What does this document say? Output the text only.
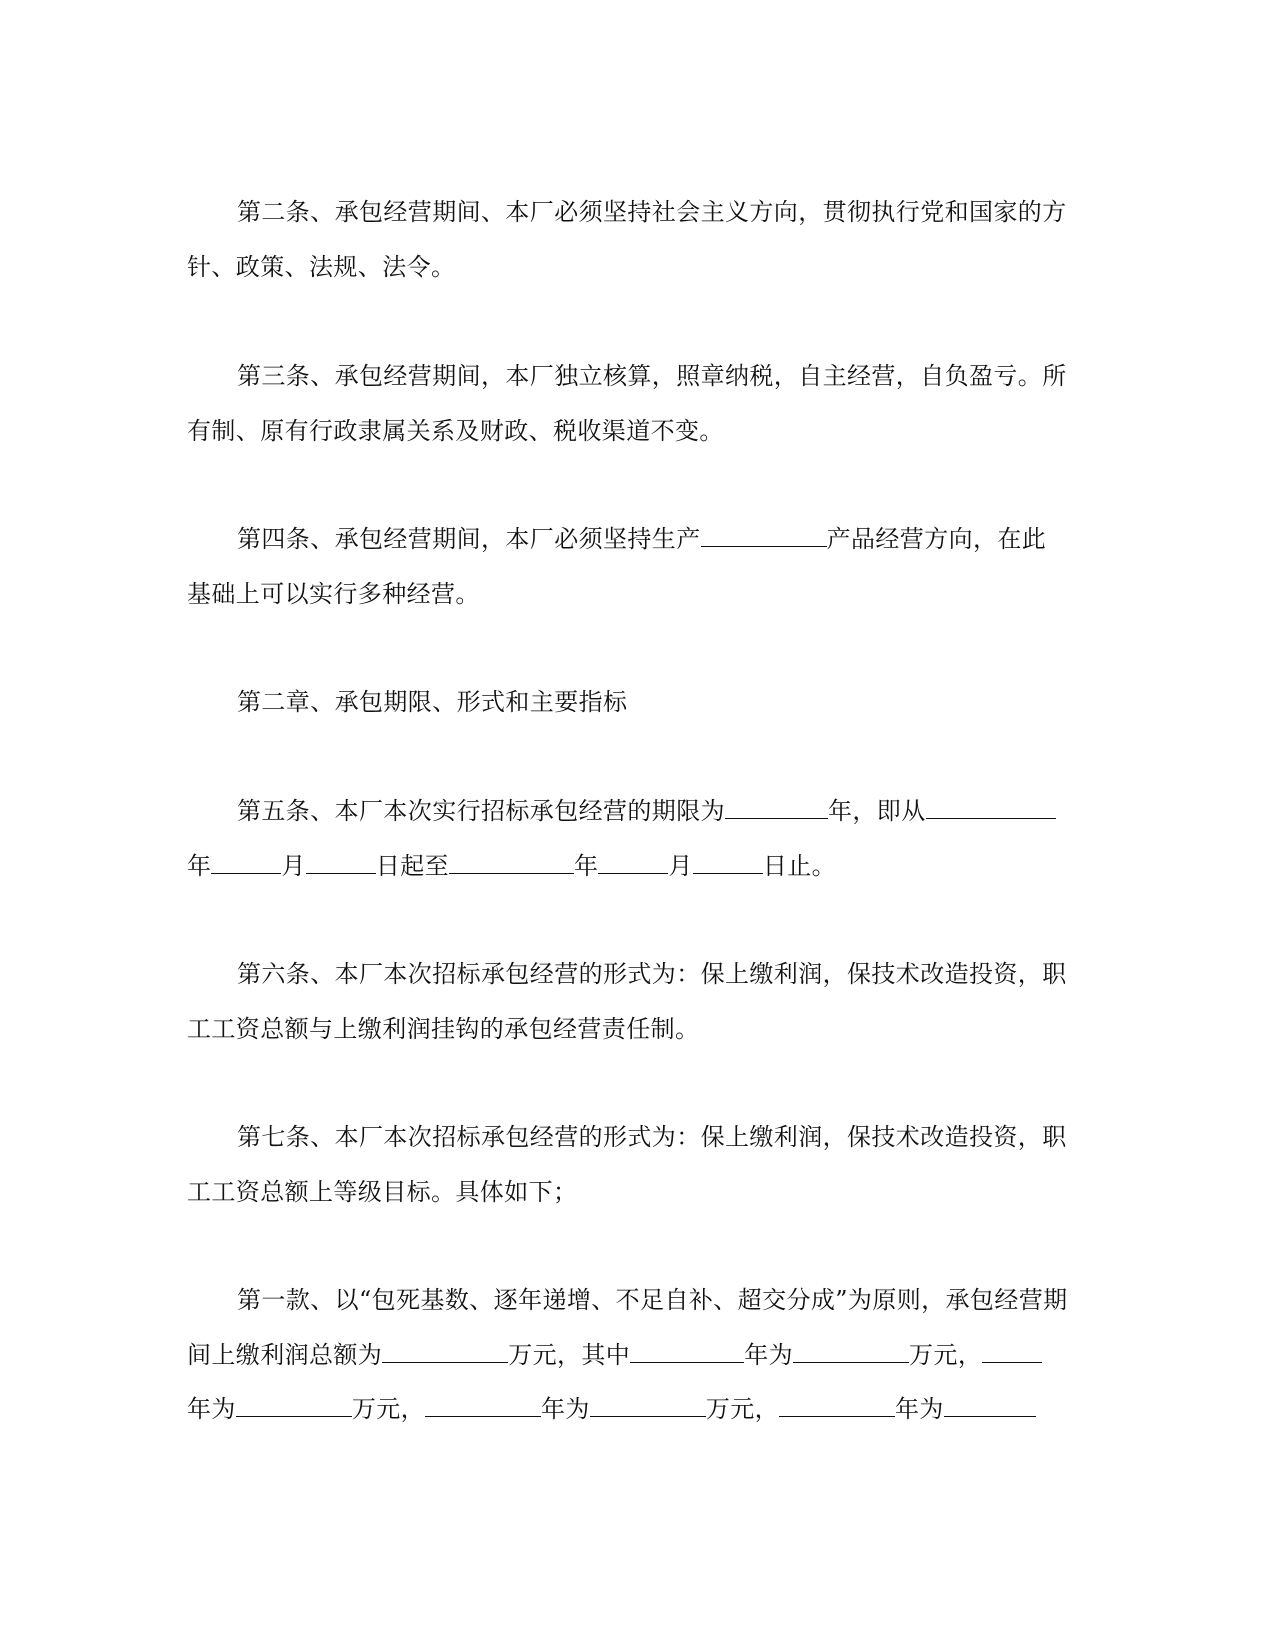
第二条、承包经营期间、本厂必须坚持社会主义方向，贯彻执行党和国家的方
针、政策、法规、法令。
第三条、承包经营期间，本厂独立核算，照章纳税，自主经营，自负盈亏。所
有制、原有行政隶属关系及财政、税收渠道不变。
第四条、承包经营期间，本厂必须坚持生产	产品经营方向，在此
基础上可以实行多种经营。
第二章、承包期限、形式和主要指标
第五条、本厂本次实行招标承包经营的期限为	年，即从
年	月	日起至	年	月	日止。
第六条、本厂本次招标承包经营的形式为：保上缴利润，保技术改造投资，职
工工资总额与上缴利润挂钩的承包经营责任制。
第七条、本厂本次招标承包经营的形式为：保上缴利润，保技术改造投资，职
工工资总额上等级目标。具体如下；
第一款、以“包死基数、逐年递增、不足自补、超交分成”为原则，承包经营期
间上缴利润总额为	万元，其中	年为	万元，
年为	万元，	年为	万元，	年为
